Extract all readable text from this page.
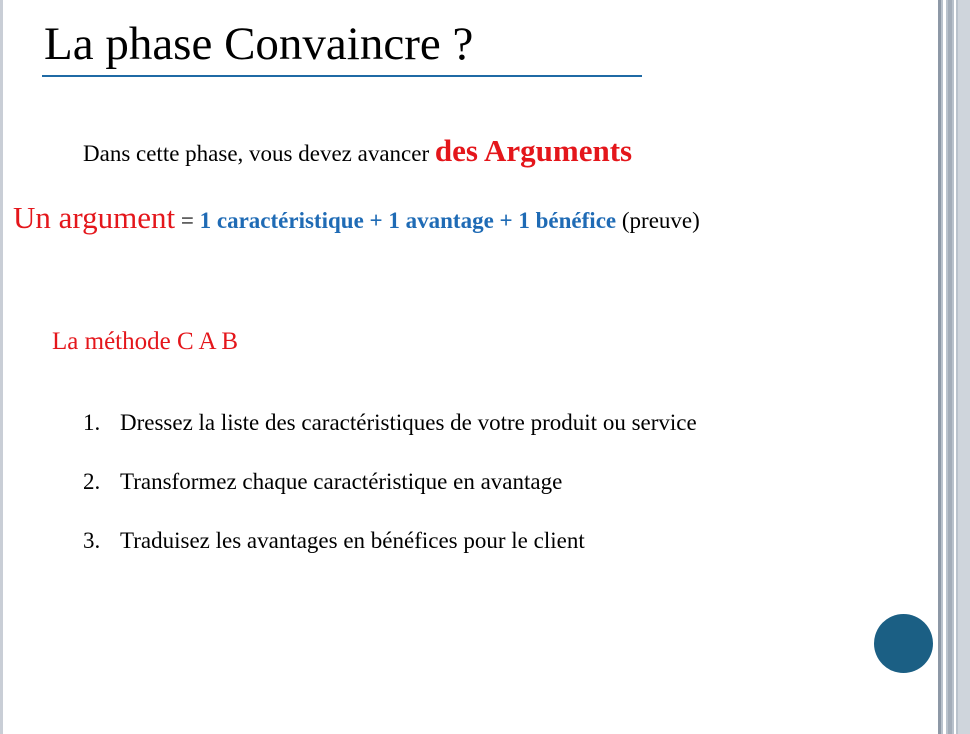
La phase Convaincre ?
Dans cette phase, vous devez avancer des Arguments
Un argument = 1 caractéristique + 1 avantage + 1 bénéfice (preuve)
La méthode C A B
1. Dressez la liste des caractéristiques de votre produit ou service
2. Transformez chaque caractéristique en avantage
3. Traduisez les avantages en bénéfices pour le client
